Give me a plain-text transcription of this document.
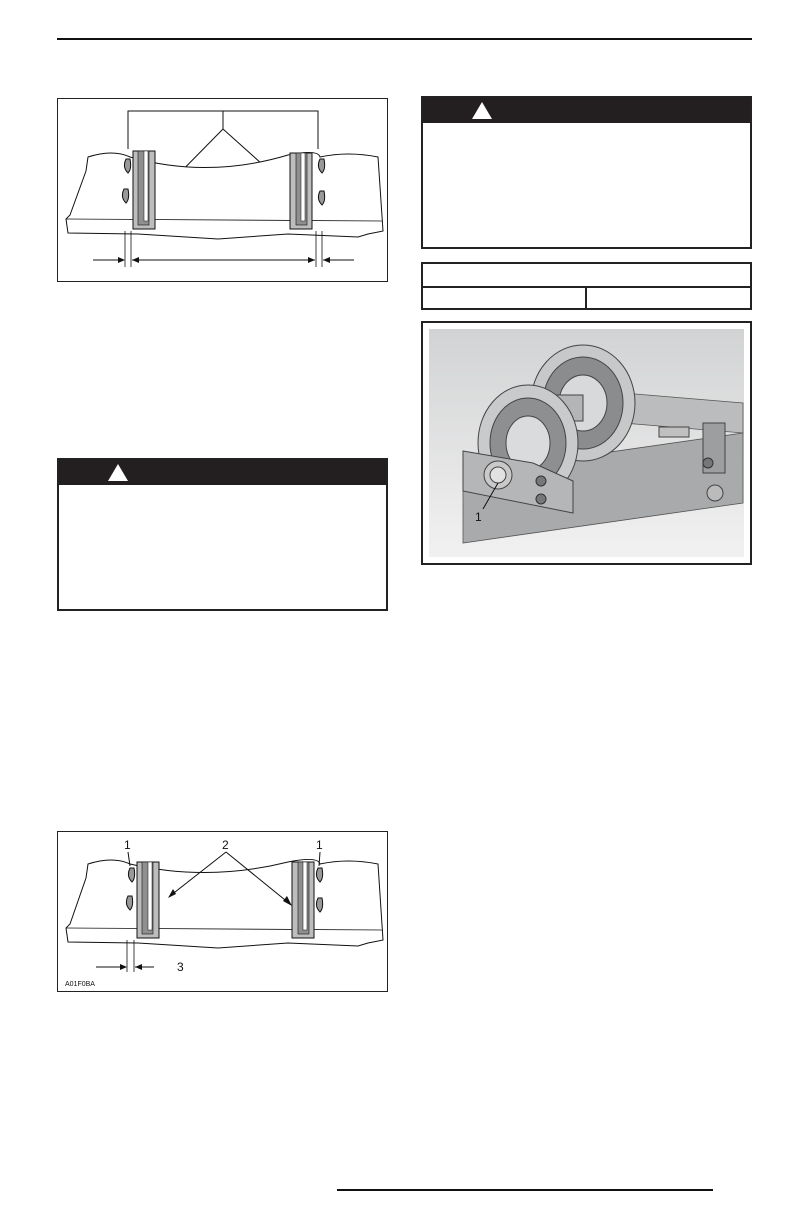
1	2	1
3
A01F0BA
1
